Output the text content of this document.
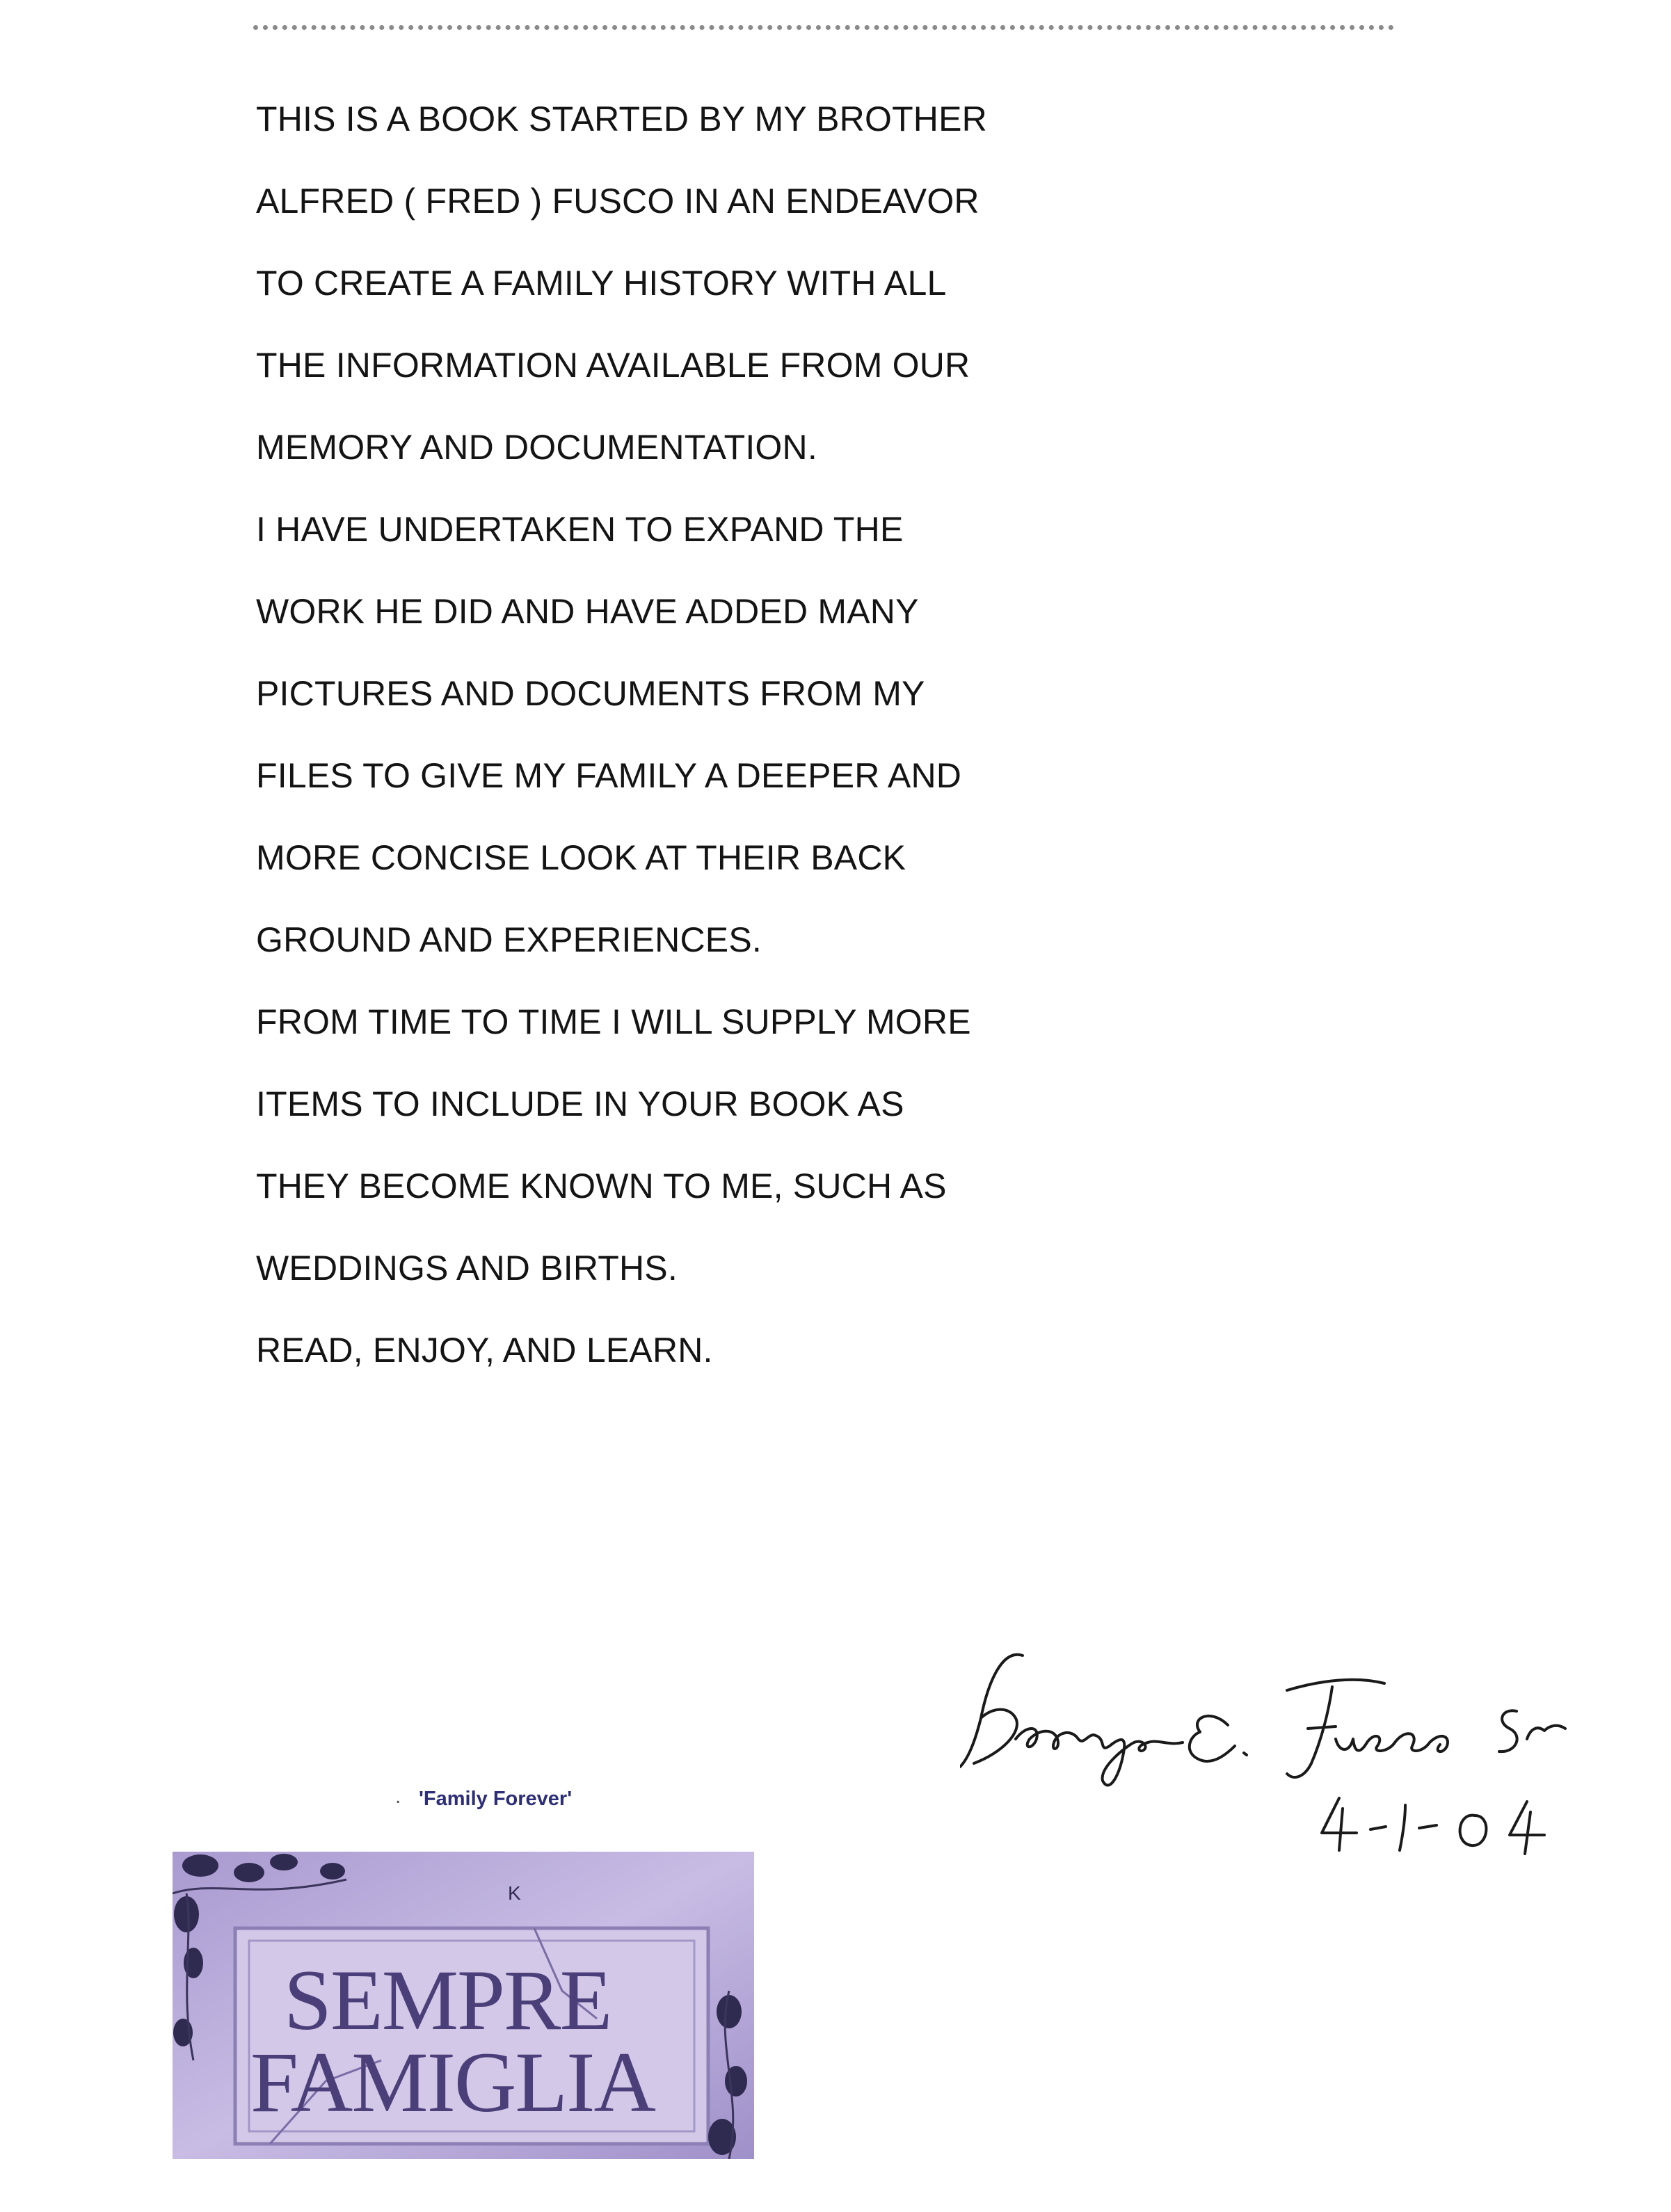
THIS IS A BOOK STARTED BY MY BROTHER
ALFRED ( FRED ) FUSCO IN AN ENDEAVOR
TO CREATE A FAMILY HISTORY WITH ALL
THE INFORMATION AVAILABLE FROM OUR
MEMORY AND DOCUMENTATION.
I HAVE UNDERTAKEN TO EXPAND THE
WORK HE DID AND HAVE ADDED MANY
PICTURES AND DOCUMENTS FROM MY
FILES TO GIVE MY FAMILY A DEEPER AND
MORE CONCISE LOOK AT THEIR BACK
GROUND AND EXPERIENCES.
FROM TIME TO TIME I WILL SUPPLY MORE
ITEMS TO INCLUDE IN YOUR BOOK AS
THEY BECOME KNOWN TO ME, SUCH AS
WEDDINGS AND BIRTHS.
READ, ENJOY, AND LEARN.
. 'Family Forever'
K
SEMPRE
FAMIGLIA
